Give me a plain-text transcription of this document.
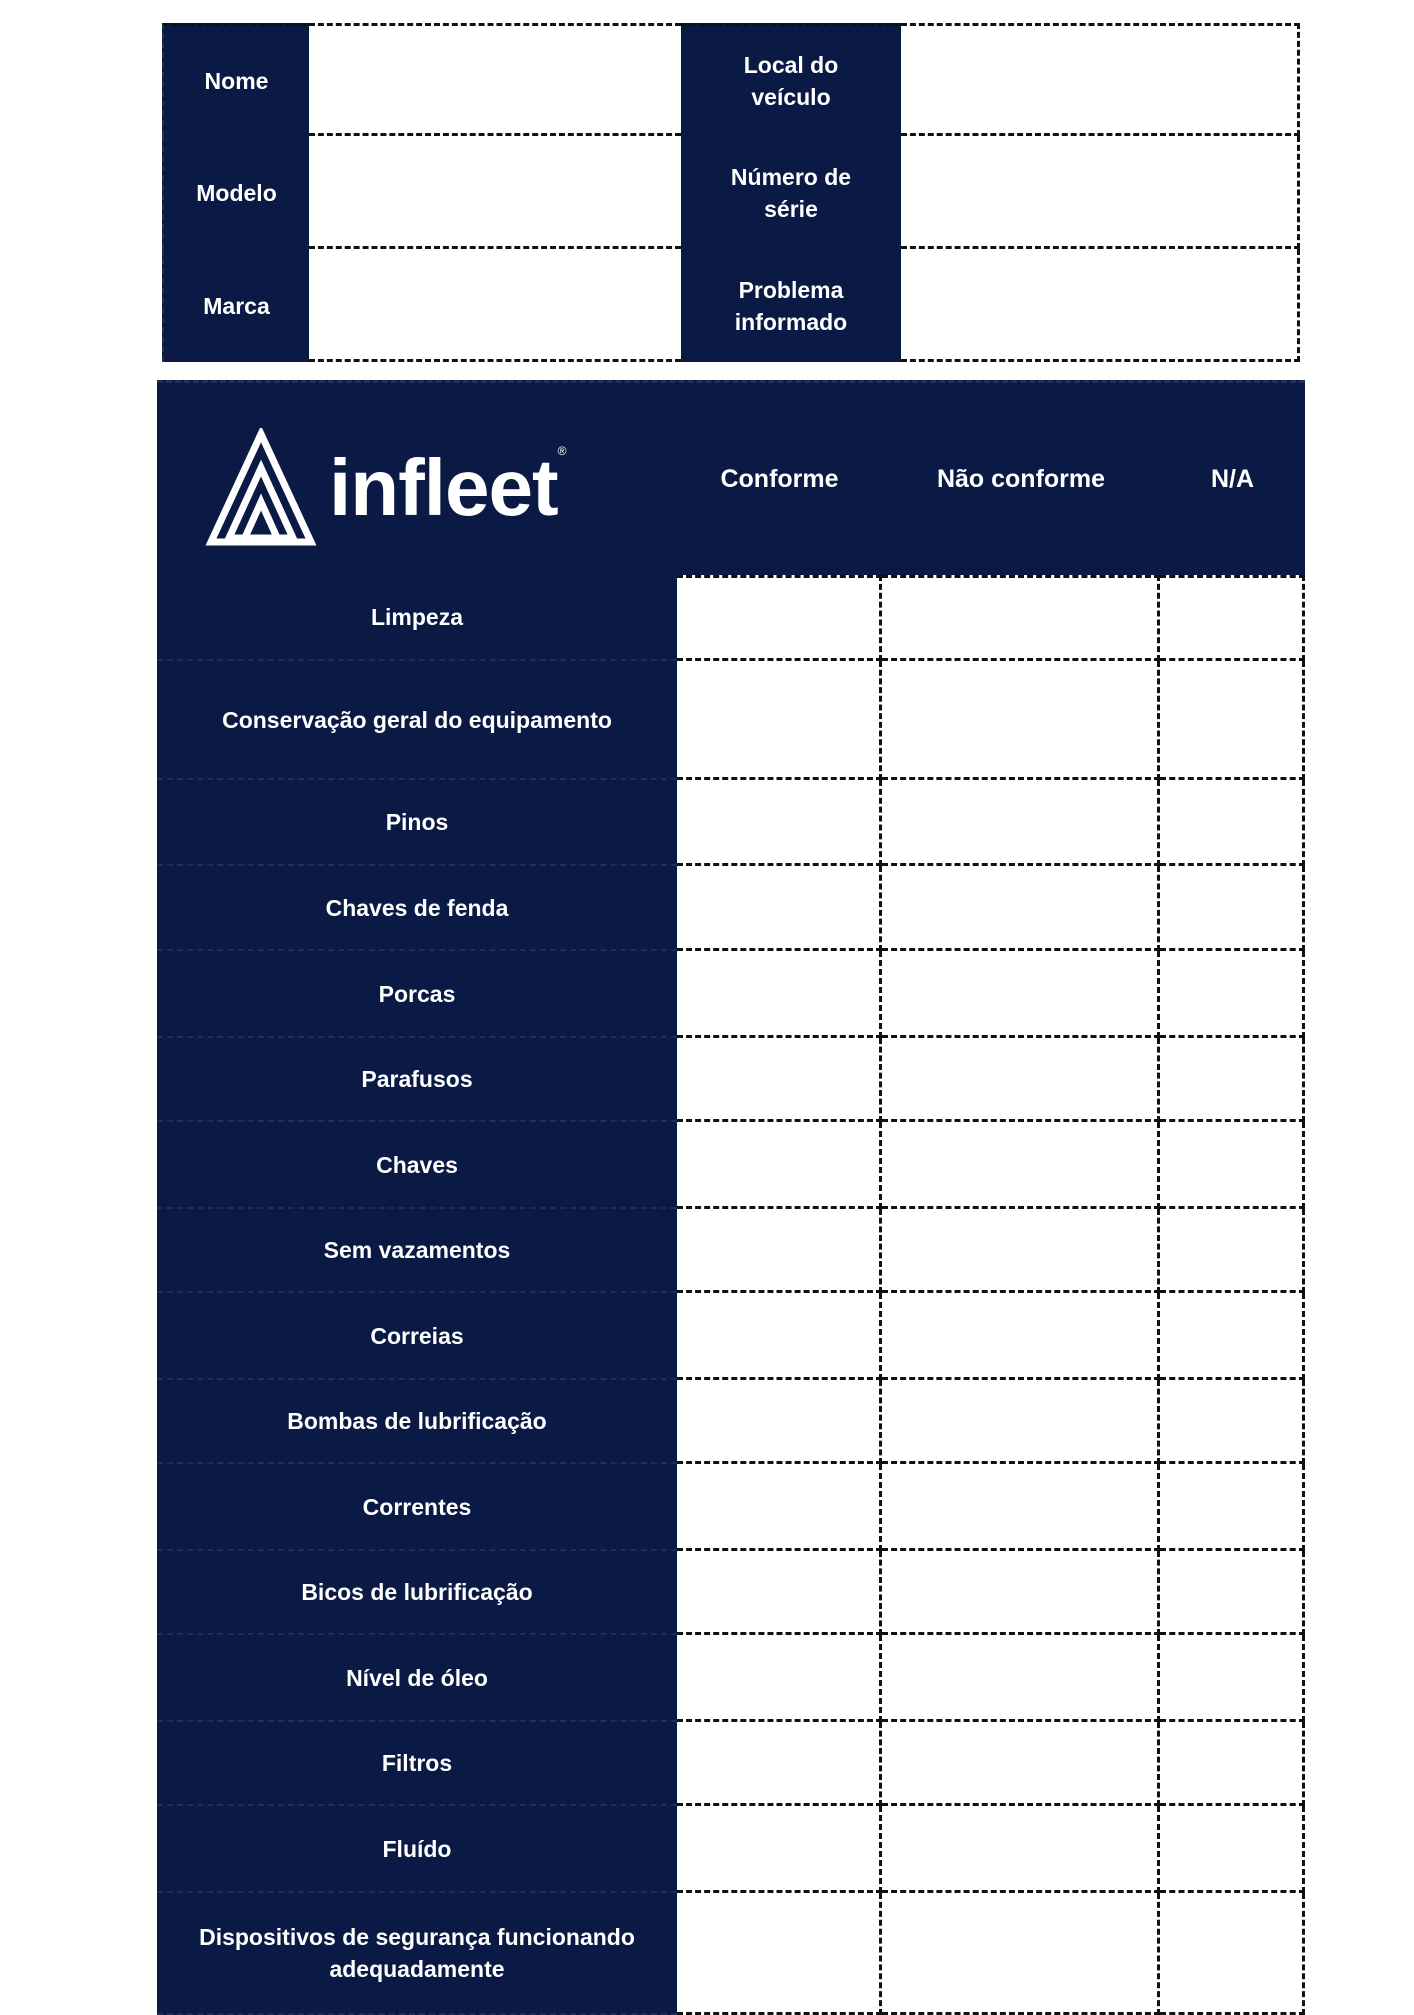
Nome
Local do veículo
Modelo
Número de série
Marca
Problema informado
infleet®
Conforme	Não conforme	N/A
Limpeza
Conservação geral do equipamento
Pinos
Chaves de fenda
Porcas
Parafusos
Chaves
Sem vazamentos
Correias
Bombas de lubrificação
Correntes
Bicos de lubrificação
Nível de óleo
Filtros
Fluído
Dispositivos de segurança funcionando adequadamente
